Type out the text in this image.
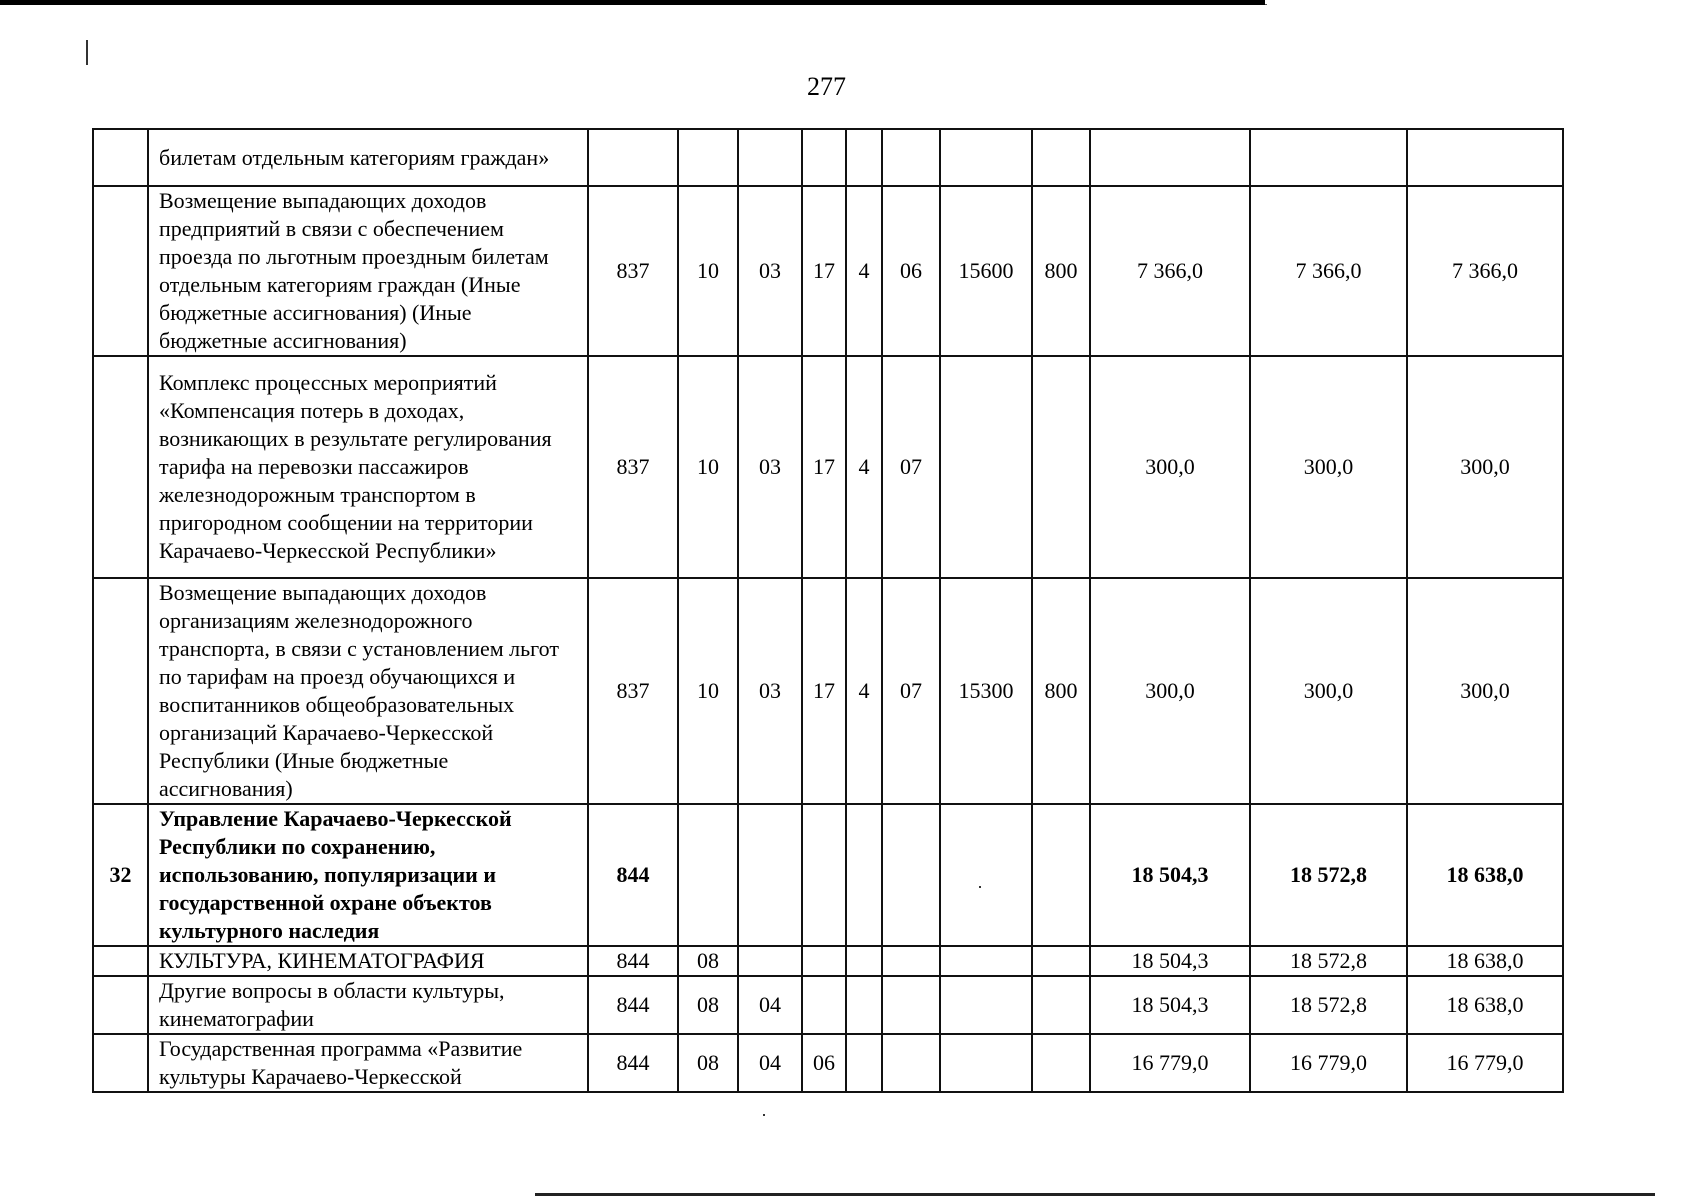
277
	билетам отдельным категориям граждан»											
	Возмещение выпадающих доходов предприятий в связи с обеспечением проезда по льготным проездным билетам отдельным категориям граждан (Иные бюджетные ассигнования) (Иные бюджетные ассигнования)	837	10	03	17	4	06	15600	800	7 366,0	7 366,0	7 366,0
	Комплекс процессных мероприятий «Компенсация потерь в доходах, возникающих в результате регулирования тарифа на перевозки пассажиров железнодорожным транспортом в пригородном сообщении на территории Карачаево-Черкесской Республики»	837	10	03	17	4	07			300,0	300,0	300,0
	Возмещение выпадающих доходов организациям железнодорожного транспорта, в связи с установлением льгот по тарифам на проезд обучающихся и воспитанников общеобразовательных организаций Карачаево-Черкесской Республики (Иные бюджетные ассигнования)	837	10	03	17	4	07	15300	800	300,0	300,0	300,0
32	Управление Карачаево-Черкесской Республики по сохранению, использованию, популяризации и государственной охране объектов культурного наследия	844								18 504,3	18 572,8	18 638,0
	КУЛЬТУРА, КИНЕМАТОГРАФИЯ	844	08							18 504,3	18 572,8	18 638,0
	Другие вопросы в области культуры, кинематографии	844	08	04						18 504,3	18 572,8	18 638,0
	Государственная программа «Развитие культуры Карачаево-Черкесской	844	08	04	06					16 779,0	16 779,0	16 779,0
